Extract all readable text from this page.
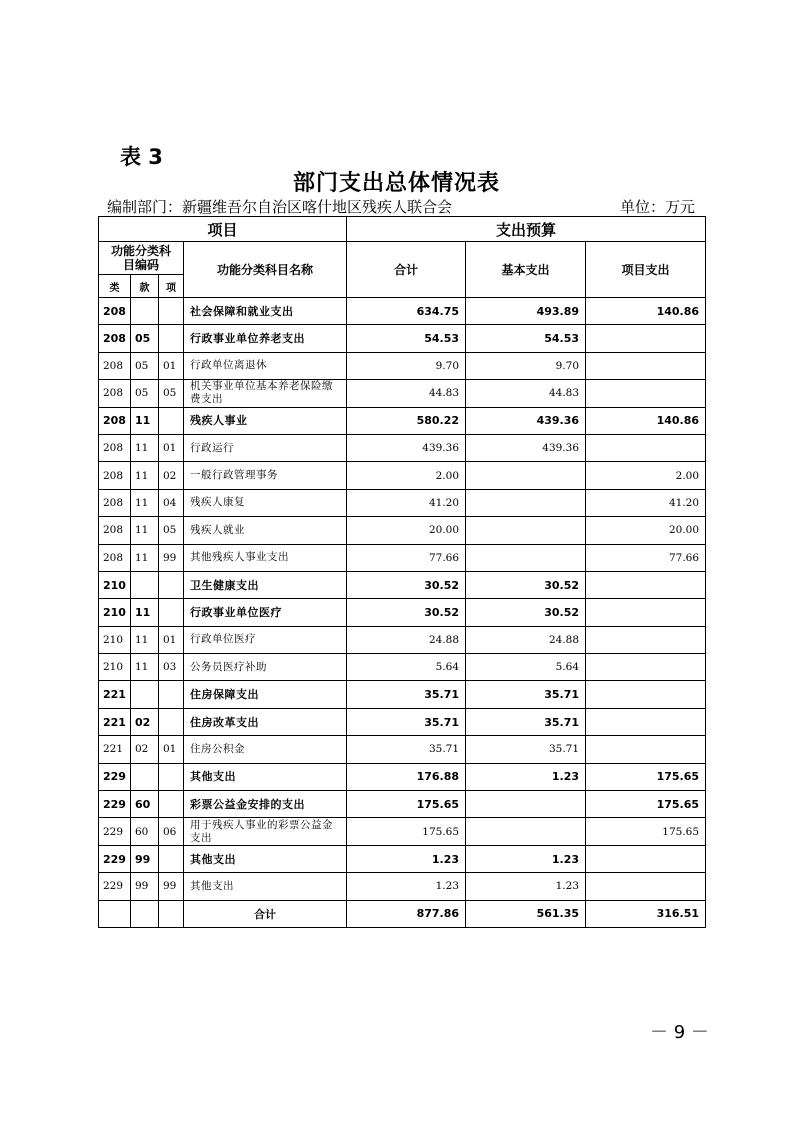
表 3
部门支出总体情况表
编制部门：新疆维吾尔自治区喀什地区残疾人联合会	单位：万元
项目				支出预算		
功能分类科目编码			功能分类科目名称	合计	基本支出	项目支出
类	款	项				
208			社会保障和就业支出	634.75	493.89	140.86
208	05		行政事业单位养老支出	54.53	54.53	
208	05	01	行政单位离退休	9.70	9.70	
208	05	05	机关事业单位基本养老保险缴费支出	44.83	44.83	
208	11		残疾人事业	580.22	439.36	140.86
208	11	01	行政运行	439.36	439.36	
208	11	02	一般行政管理事务	2.00		2.00
208	11	04	残疾人康复	41.20		41.20
208	11	05	残疾人就业	20.00		20.00
208	11	99	其他残疾人事业支出	77.66		77.66
210			卫生健康支出	30.52	30.52	
210	11		行政事业单位医疗	30.52	30.52	
210	11	01	行政单位医疗	24.88	24.88	
210	11	03	公务员医疗补助	5.64	5.64	
221			住房保障支出	35.71	35.71	
221	02		住房改革支出	35.71	35.71	
221	02	01	住房公积金	35.71	35.71	
229			其他支出	176.88	1.23	175.65
229	60		彩票公益金安排的支出	175.65		175.65
229	60	06	用于残疾人事业的彩票公益金支出	175.65		175.65
229	99		其他支出	1.23	1.23	
229	99	99	其他支出	1.23	1.23	
			合计	877.86	561.35	316.51
－ 9 －
